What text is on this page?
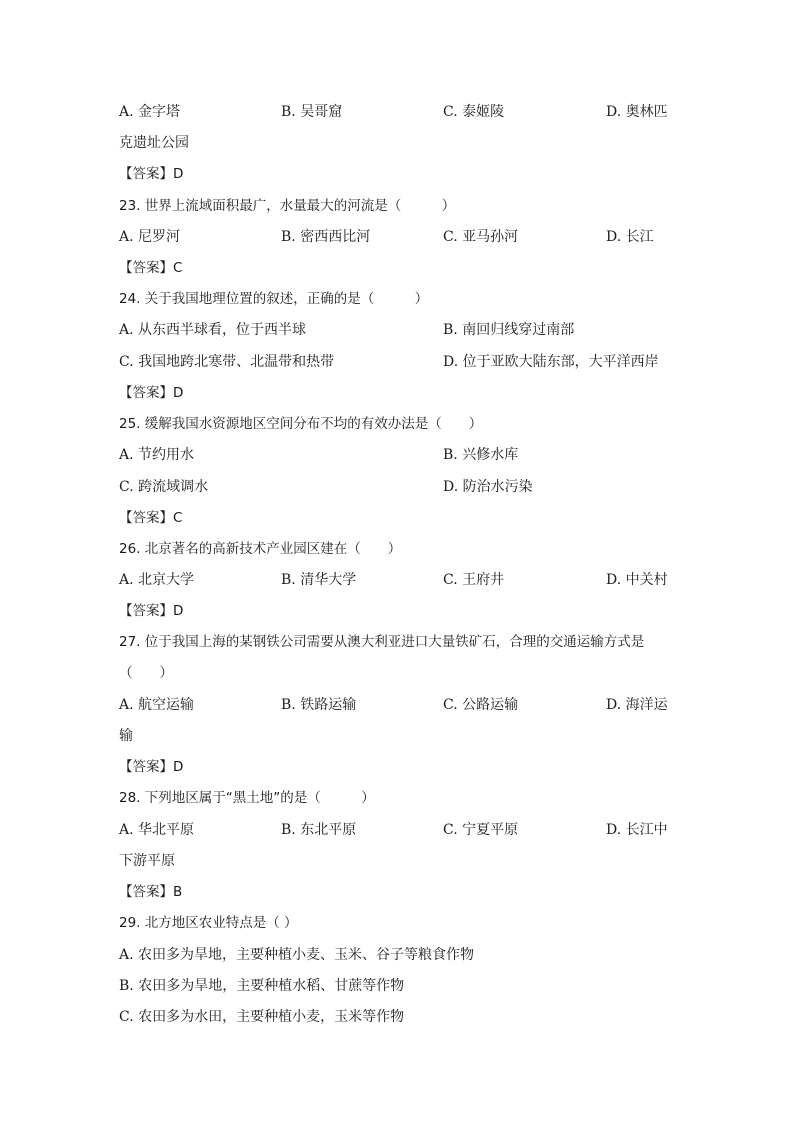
A. 金字塔	B. 吴哥窟	C. 泰姬陵	D. 奥林匹
克遗址公园
【答案】D
23. 世界上流域面积最广，水量最大的河流是（　　　）
A. 尼罗河	B. 密西西比河	C. 亚马孙河	D. 长江
【答案】C
24. 关于我国地理位置的叙述，正确的是（　　　）
A. 从东西半球看，位于西半球	B. 南回归线穿过南部
C. 我国地跨北寒带、北温带和热带	D. 位于亚欧大陆东部，大平洋西岸
【答案】D
25. 缓解我国水资源地区空间分布不均的有效办法是（　　）
A. 节约用水	B. 兴修水库
C. 跨流域调水	D. 防治水污染
【答案】C
26. 北京著名的高新技术产业园区建在（　　）
A. 北京大学	B. 清华大学	C. 王府井	D. 中关村
【答案】D
27. 位于我国上海的某钢铁公司需要从澳大利亚进口大量铁矿石，合理的交通运输方式是
（　　）
A. 航空运输	B. 铁路运输	C. 公路运输	D. 海洋运
输
【答案】D
28. 下列地区属于“黑土地”的是（　　　）
A. 华北平原	B. 东北平原	C. 宁夏平原	D. 长江中
下游平原
【答案】B
29. 北方地区农业特点是（ ）
A. 农田多为旱地，主要种植小麦、玉米、谷子等粮食作物
B. 农田多为旱地，主要种植水稻、甘蔗等作物
C. 农田多为水田，主要种植小麦，玉米等作物
